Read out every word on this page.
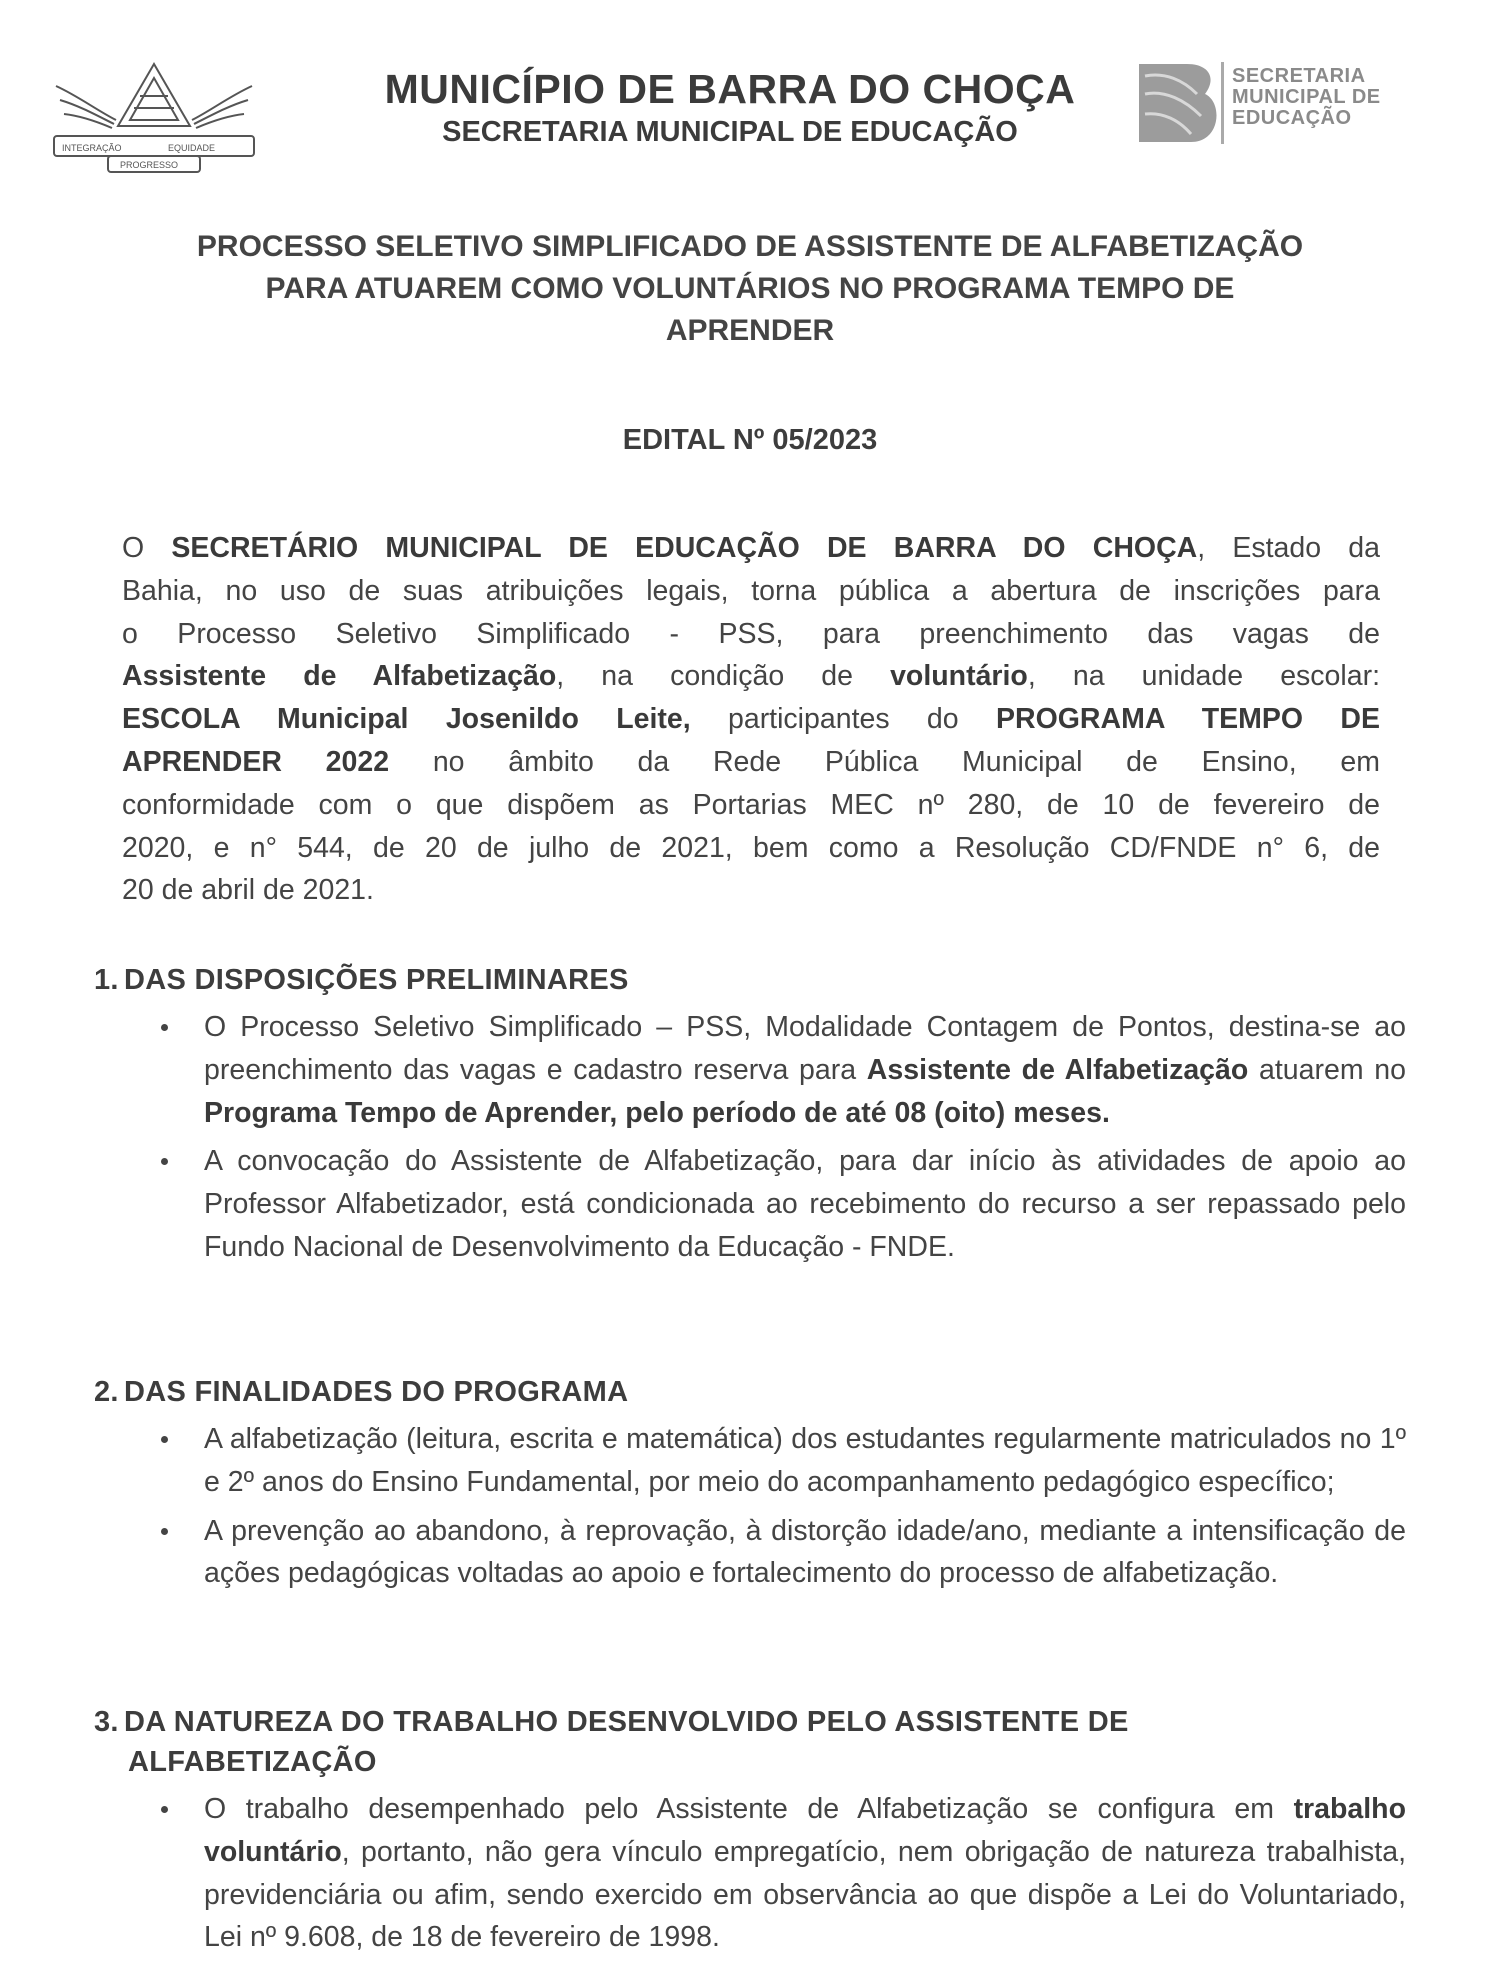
INTEGRAÇÃO	EQUIDADE
PROGRESSO
MUNICÍPIO DE BARRA DO CHOÇA
SECRETARIA MUNICIPAL DE EDUCAÇÃO
SECRETARIA
MUNICIPAL DE
EDUCAÇÃO
PROCESSO SELETIVO SIMPLIFICADO DE ASSISTENTE DE ALFABETIZAÇÃO
PARA ATUAREM COMO VOLUNTÁRIOS NO PROGRAMA TEMPO DE
APRENDER
EDITAL Nº 05/2023
O SECRETÁRIO MUNICIPAL DE EDUCAÇÃO DE BARRA DO CHOÇA, Estado da
Bahia, no uso de suas atribuições legais, torna pública a abertura de inscrições para
o Processo Seletivo Simplificado - PSS, para preenchimento das vagas de
Assistente de Alfabetização, na condição de voluntário, na unidade escolar:
ESCOLA Municipal Josenildo Leite, participantes do PROGRAMA TEMPO DE
APRENDER 2022 no âmbito da Rede Pública Municipal de Ensino, em
conformidade com o que dispõem as Portarias MEC nº 280, de 10 de fevereiro de
2020, e n° 544, de 20 de julho de 2021, bem como a Resolução CD/FNDE n° 6, de
20 de abril de 2021.
1. DAS DISPOSIÇÕES PRELIMINARES
O Processo Seletivo Simplificado – PSS, Modalidade Contagem de Pontos, destina-se ao preenchimento das vagas e cadastro reserva para Assistente de Alfabetização atuarem no Programa Tempo de Aprender, pelo período de até 08 (oito) meses.
A convocação do Assistente de Alfabetização, para dar início às atividades de apoio ao Professor Alfabetizador, está condicionada ao recebimento do recurso a ser repassado pelo Fundo Nacional de Desenvolvimento da Educação - FNDE.
2. DAS FINALIDADES DO PROGRAMA
A alfabetização (leitura, escrita e matemática) dos estudantes regularmente matriculados no 1º e 2º anos do Ensino Fundamental, por meio do acompanhamento pedagógico específico;
A prevenção ao abandono, à reprovação, à distorção idade/ano, mediante a intensificação de ações pedagógicas voltadas ao apoio e fortalecimento do processo de alfabetização.
3. DA NATUREZA DO TRABALHO DESENVOLVIDO PELO ASSISTENTE DE
ALFABETIZAÇÃO
O trabalho desempenhado pelo Assistente de Alfabetização se configura em trabalho voluntário, portanto, não gera vínculo empregatício, nem obrigação de natureza trabalhista, previdenciária ou afim, sendo exercido em observância ao que dispõe a Lei do Voluntariado, Lei nº 9.608, de 18 de fevereiro de 1998.
